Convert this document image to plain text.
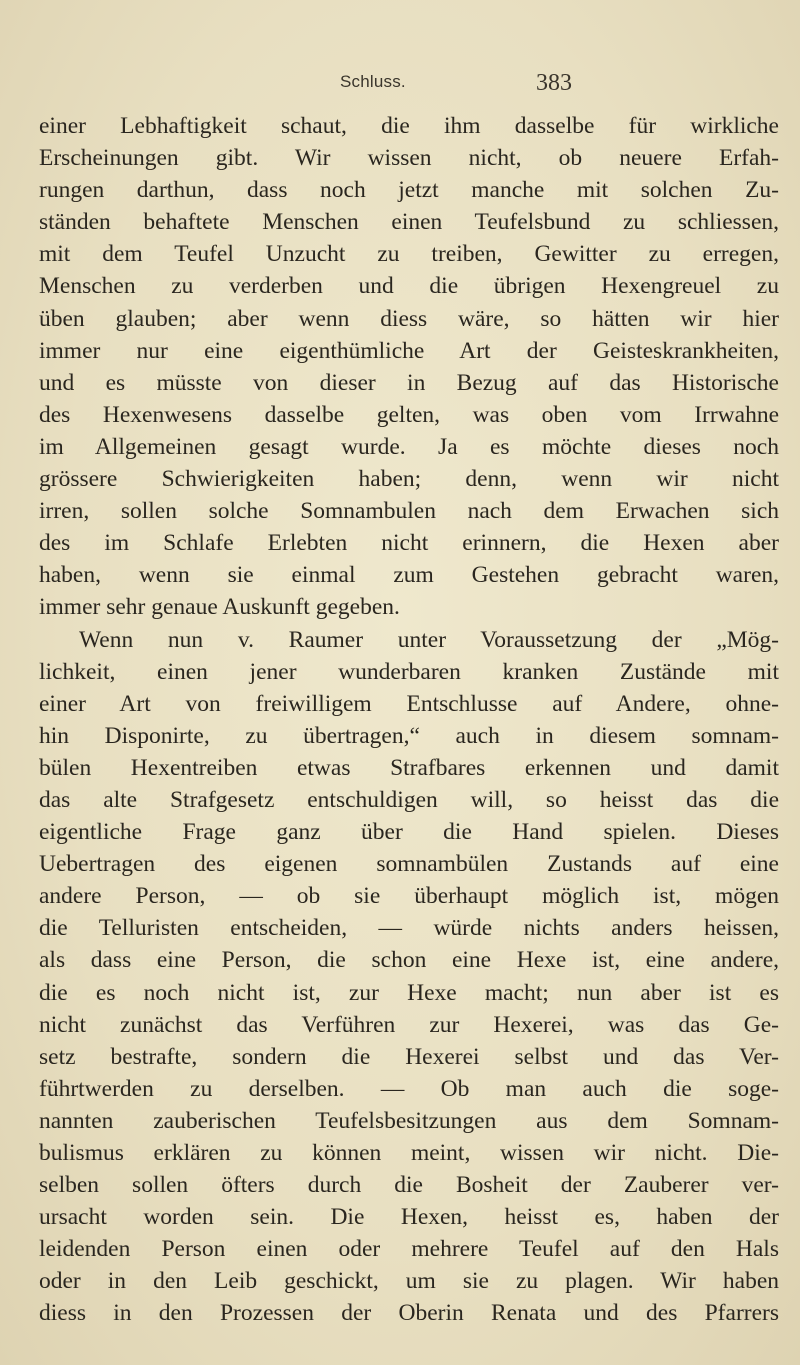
Schluss.	383
einer Lebhaftigkeit schaut, die ihm dasselbe für wirkliche
Erscheinungen gibt. Wir wissen nicht, ob neuere Erfah-
rungen darthun, dass noch jetzt manche mit solchen Zu-
ständen behaftete Menschen einen Teufelsbund zu schliessen,
mit dem Teufel Unzucht zu treiben, Gewitter zu erregen,
Menschen zu verderben und die übrigen Hexengreuel zu
üben glauben; aber wenn diess wäre, so hätten wir hier
immer nur eine eigenthümliche Art der Geisteskrankheiten,
und es müsste von dieser in Bezug auf das Historische
des Hexenwesens dasselbe gelten, was oben vom Irrwahne
im Allgemeinen gesagt wurde. Ja es möchte dieses noch
grössere Schwierigkeiten haben; denn, wenn wir nicht
irren, sollen solche Somnambulen nach dem Erwachen sich
des im Schlafe Erlebten nicht erinnern, die Hexen aber
haben, wenn sie einmal zum Gestehen gebracht waren,
immer sehr genaue Auskunft gegeben.
Wenn nun v. Raumer unter Voraussetzung der „Mög-
lichkeit, einen jener wunderbaren kranken Zustände mit
einer Art von freiwilligem Entschlusse auf Andere, ohne-
hin Disponirte, zu übertragen,“ auch in diesem somnam-
bülen Hexentreiben etwas Strafbares erkennen und damit
das alte Strafgesetz entschuldigen will, so heisst das die
eigentliche Frage ganz über die Hand spielen. Dieses
Uebertragen des eigenen somnambülen Zustands auf eine
andere Person, — ob sie überhaupt möglich ist, mögen
die Telluristen entscheiden, — würde nichts anders heissen,
als dass eine Person, die schon eine Hexe ist, eine andere,
die es noch nicht ist, zur Hexe macht; nun aber ist es
nicht zunächst das Verführen zur Hexerei, was das Ge-
setz bestrafte, sondern die Hexerei selbst und das Ver-
führtwerden zu derselben. — Ob man auch die soge-
nannten zauberischen Teufelsbesitzungen aus dem Somnam-
bulismus erklären zu können meint, wissen wir nicht. Die-
selben sollen öfters durch die Bosheit der Zauberer ver-
ursacht worden sein. Die Hexen, heisst es, haben der
leidenden Person einen oder mehrere Teufel auf den Hals
oder in den Leib geschickt, um sie zu plagen. Wir haben
diess in den Prozessen der Oberin Renata und des Pfarrers
